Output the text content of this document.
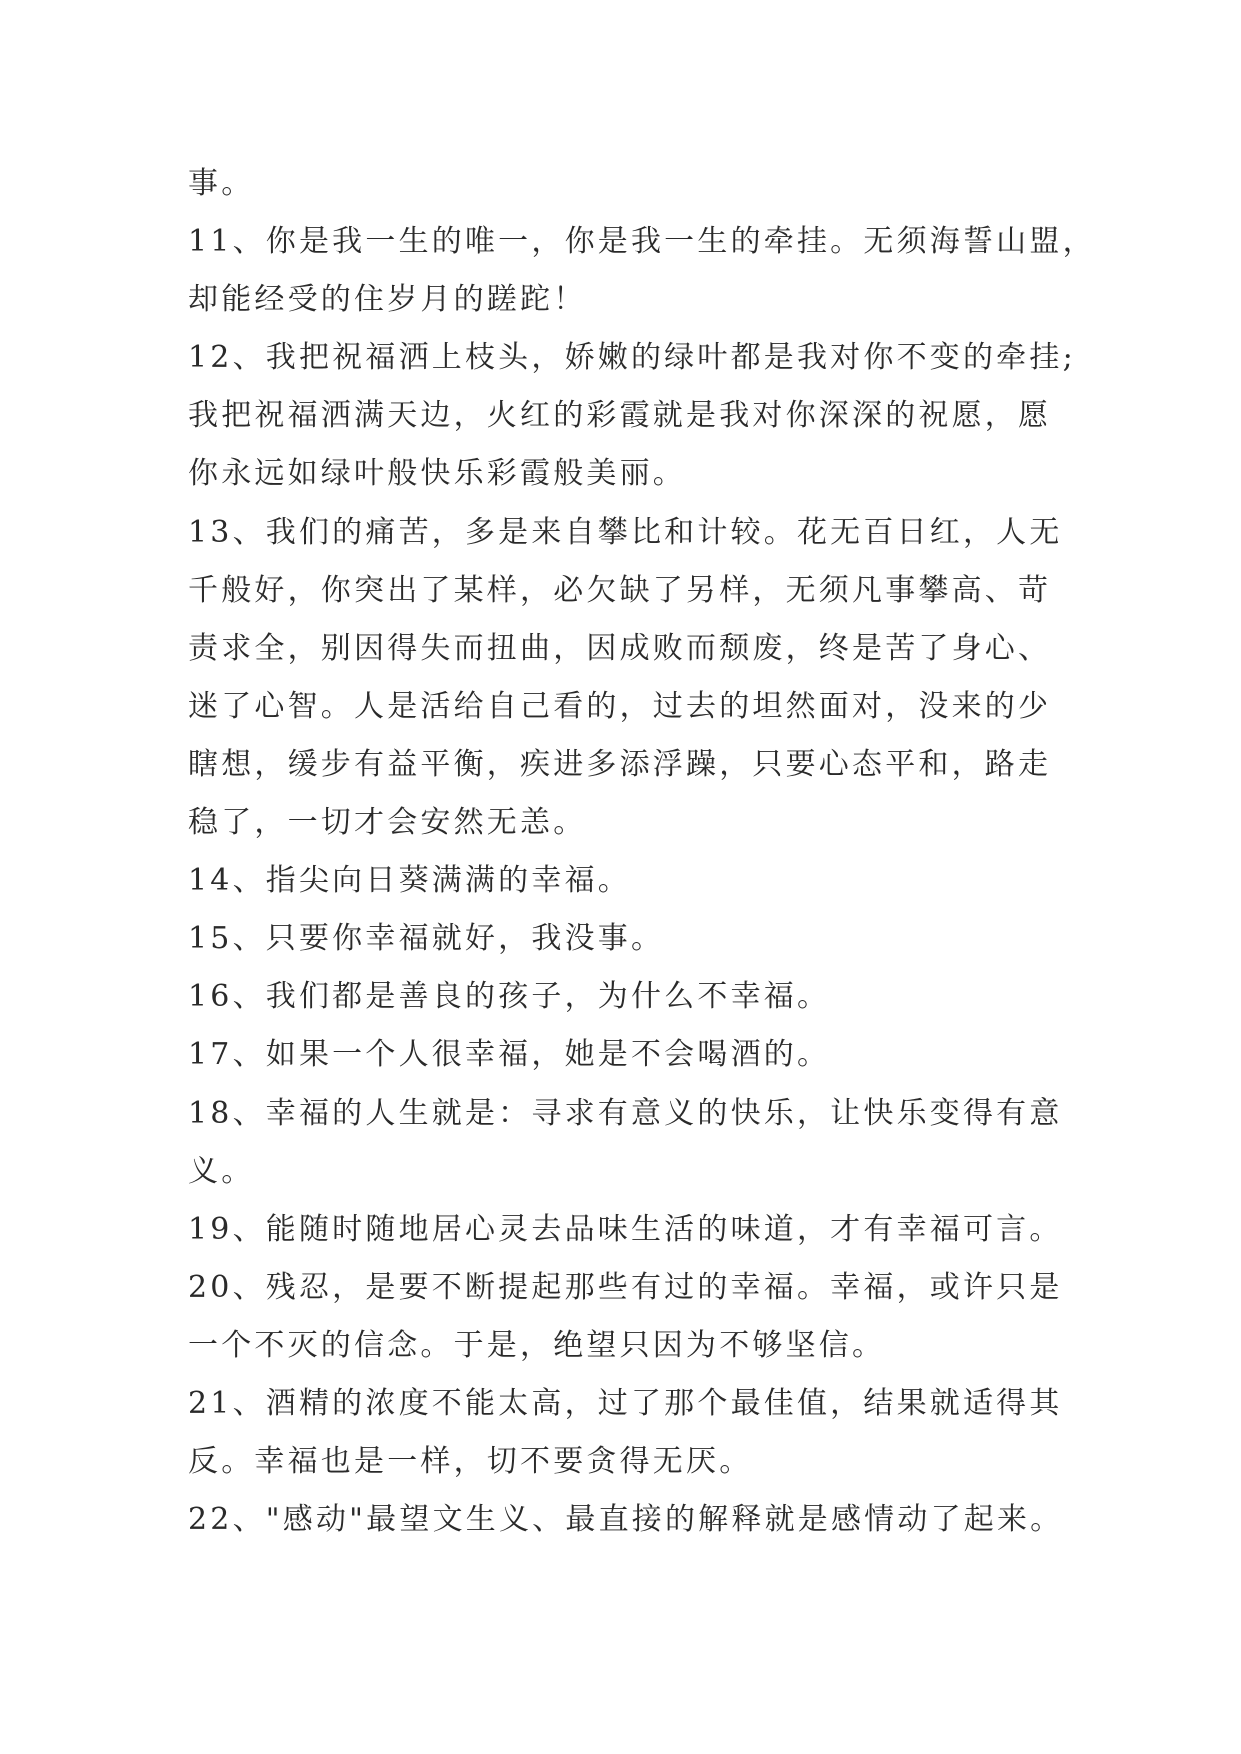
事。
11、你是我一生的唯一，你是我一生的牵挂。无须海誓山盟，
却能经受的住岁月的蹉跎！
12、我把祝福洒上枝头，娇嫩的绿叶都是我对你不变的牵挂;
我把祝福洒满天边，火红的彩霞就是我对你深深的祝愿，愿
你永远如绿叶般快乐彩霞般美丽。
13、我们的痛苦，多是来自攀比和计较。花无百日红，人无
千般好，你突出了某样，必欠缺了另样，无须凡事攀高、苛
责求全，别因得失而扭曲，因成败而颓废，终是苦了身心、
迷了心智。人是活给自己看的，过去的坦然面对，没来的少
瞎想，缓步有益平衡，疾进多添浮躁，只要心态平和，路走
稳了，一切才会安然无恙。
14、指尖向日葵满满的幸福。
15、只要你幸福就好，我没事。
16、我们都是善良的孩子，为什么不幸福。
17、如果一个人很幸福，她是不会喝酒的。
18、幸福的人生就是：寻求有意义的快乐，让快乐变得有意
义。
19、能随时随地居心灵去品味生活的味道，才有幸福可言。
20、残忍，是要不断提起那些有过的幸福。幸福，或许只是
一个不灭的信念。于是，绝望只因为不够坚信。
21、酒精的浓度不能太高，过了那个最佳值，结果就适得其
反。幸福也是一样，切不要贪得无厌。
22、"感动"最望文生义、最直接的解释就是感情动了起来。
